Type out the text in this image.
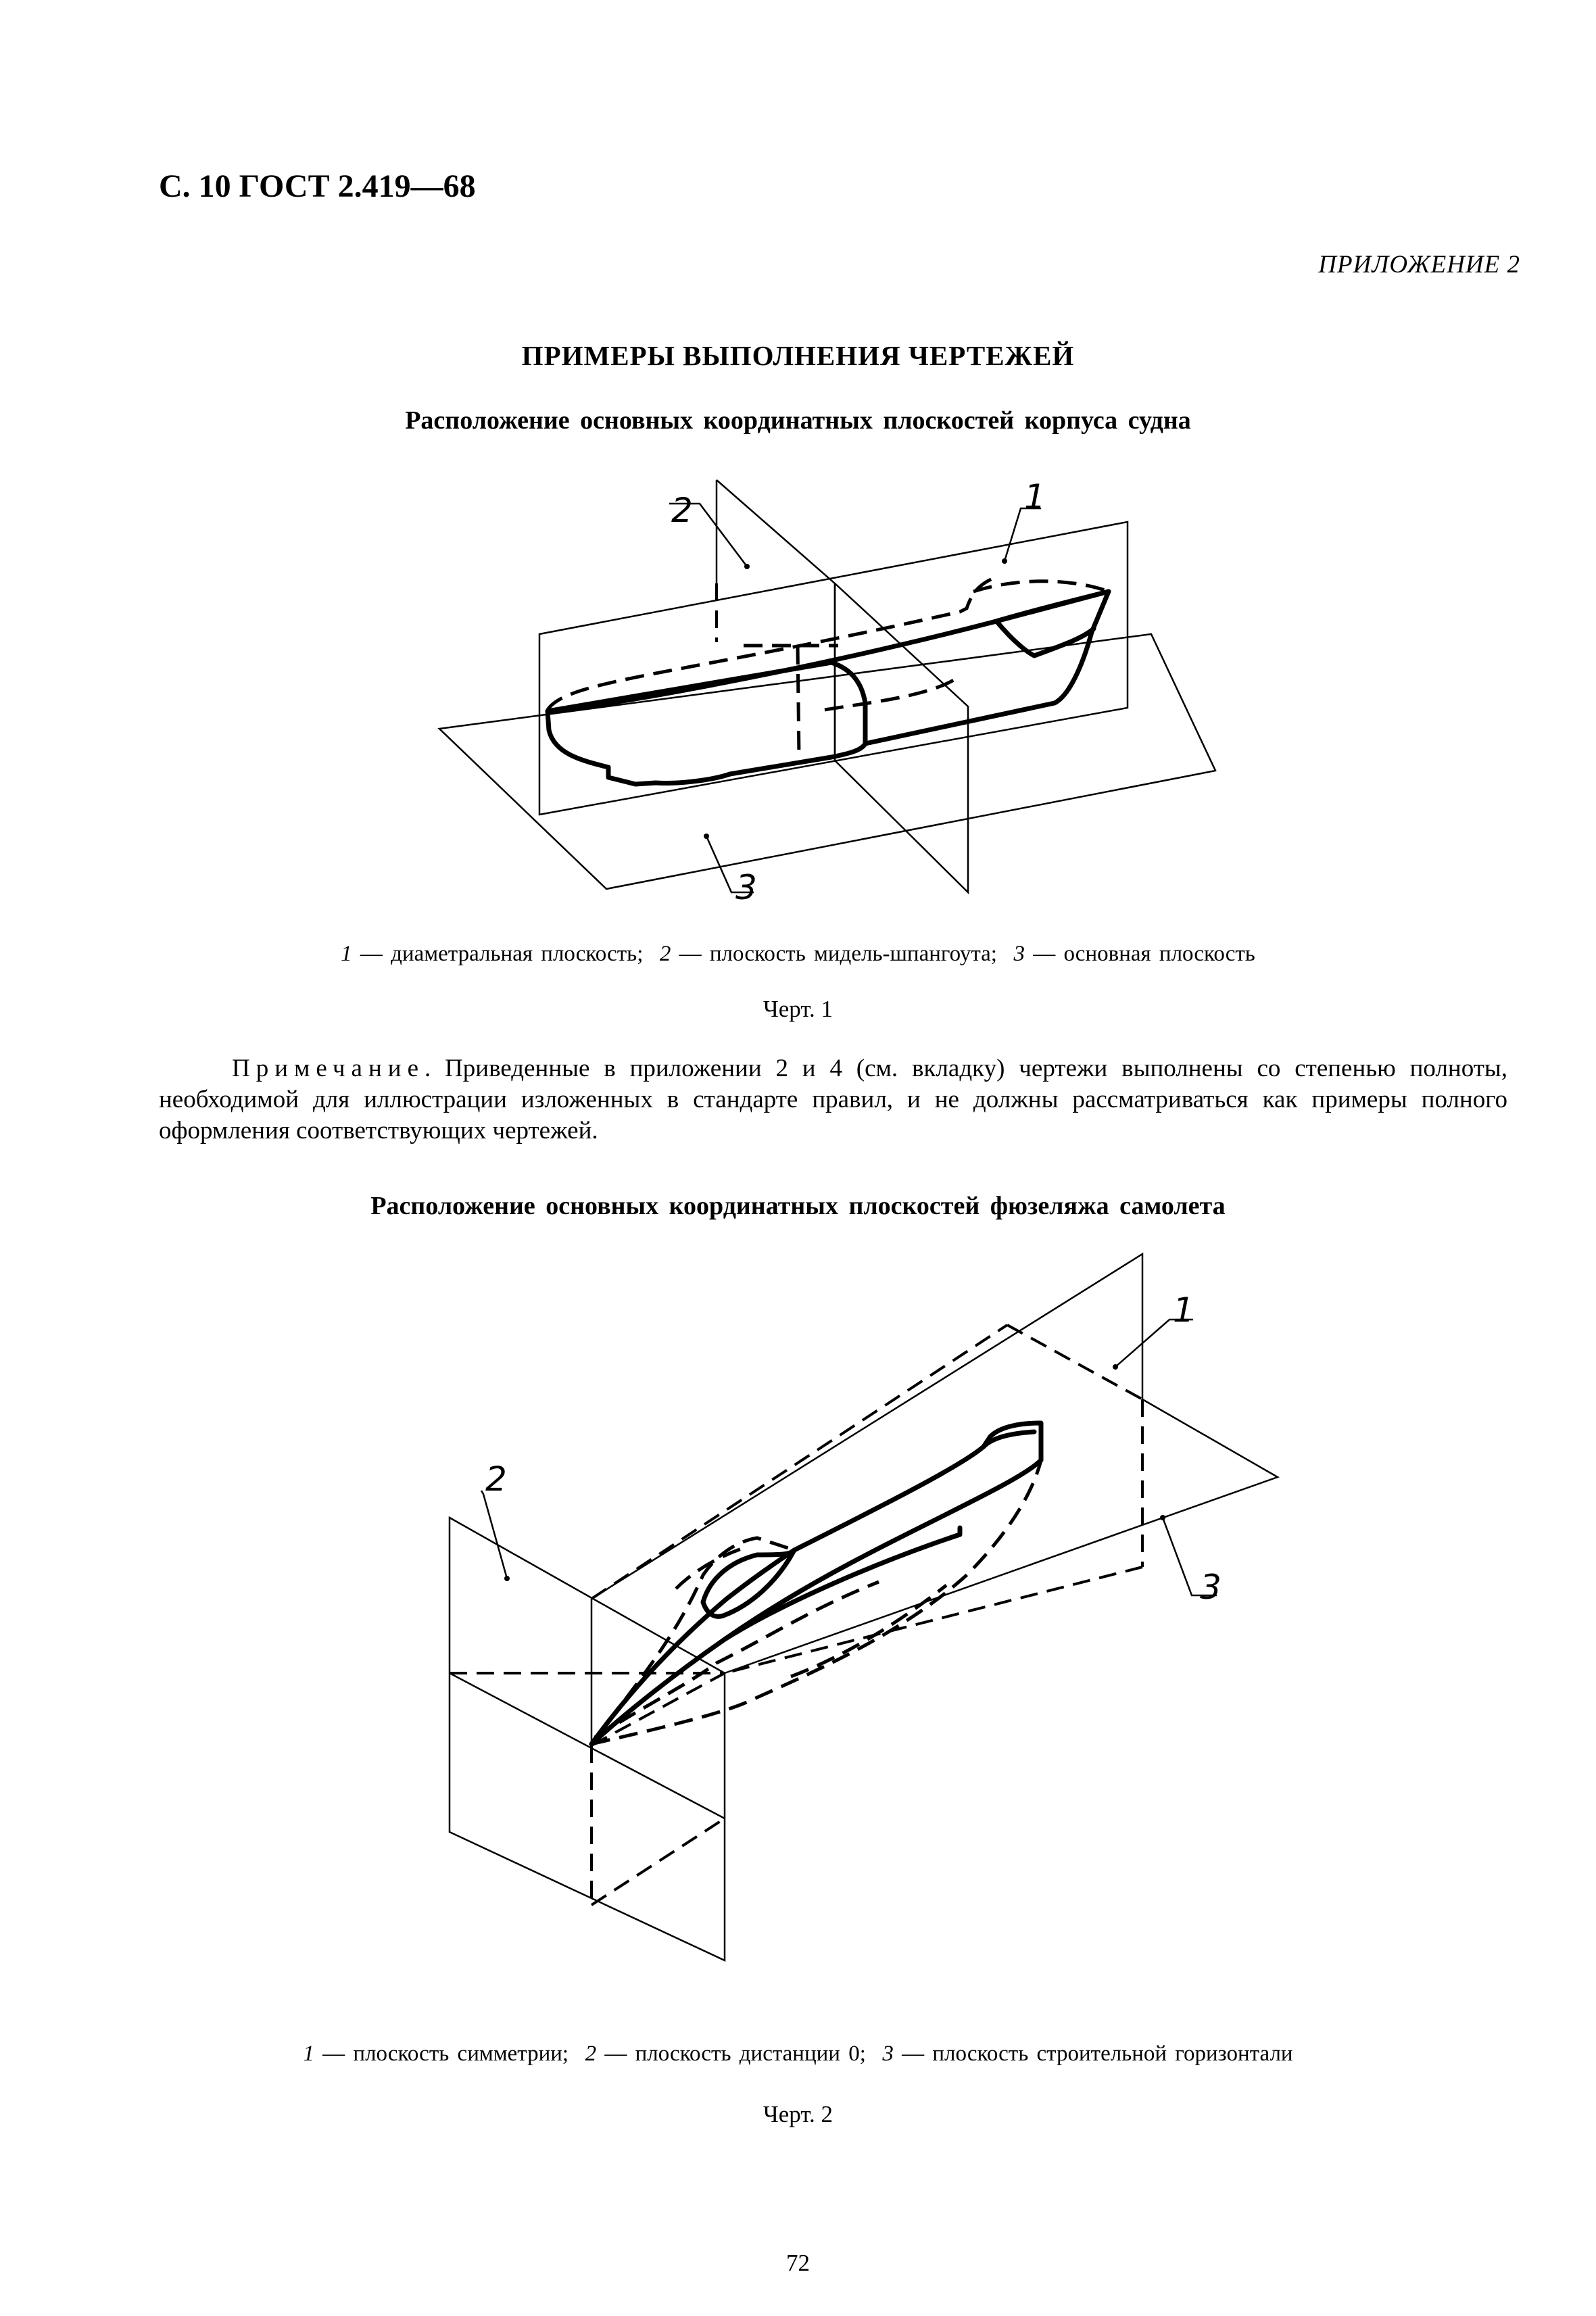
С. 10 ГОСТ 2.419—68
ПРИЛОЖЕНИЕ 2
ПРИМЕРЫ ВЫПОЛНЕНИЯ ЧЕРТЕЖЕЙ
Расположение основных координатных плоскостей корпуса судна
2	1
3
1 — диаметральная плоскость; 2 — плоскость мидель-шпангоута; 3 — основная плоскость
Черт. 1
Примечание. Приведенные в приложении 2 и 4 (см. вкладку) чертежи выполнены со степенью полноты, необходимой для иллюстрации изложенных в стандарте правил, и не должны рассматриваться как примеры полного оформления соответствующих чертежей.
Расположение основных координатных плоскостей фюзеляжа самолета
1
2
3
1 — плоскость симметрии; 2 — плоскость дистанции 0; 3 — плоскость строительной горизонтали
Черт. 2
72
